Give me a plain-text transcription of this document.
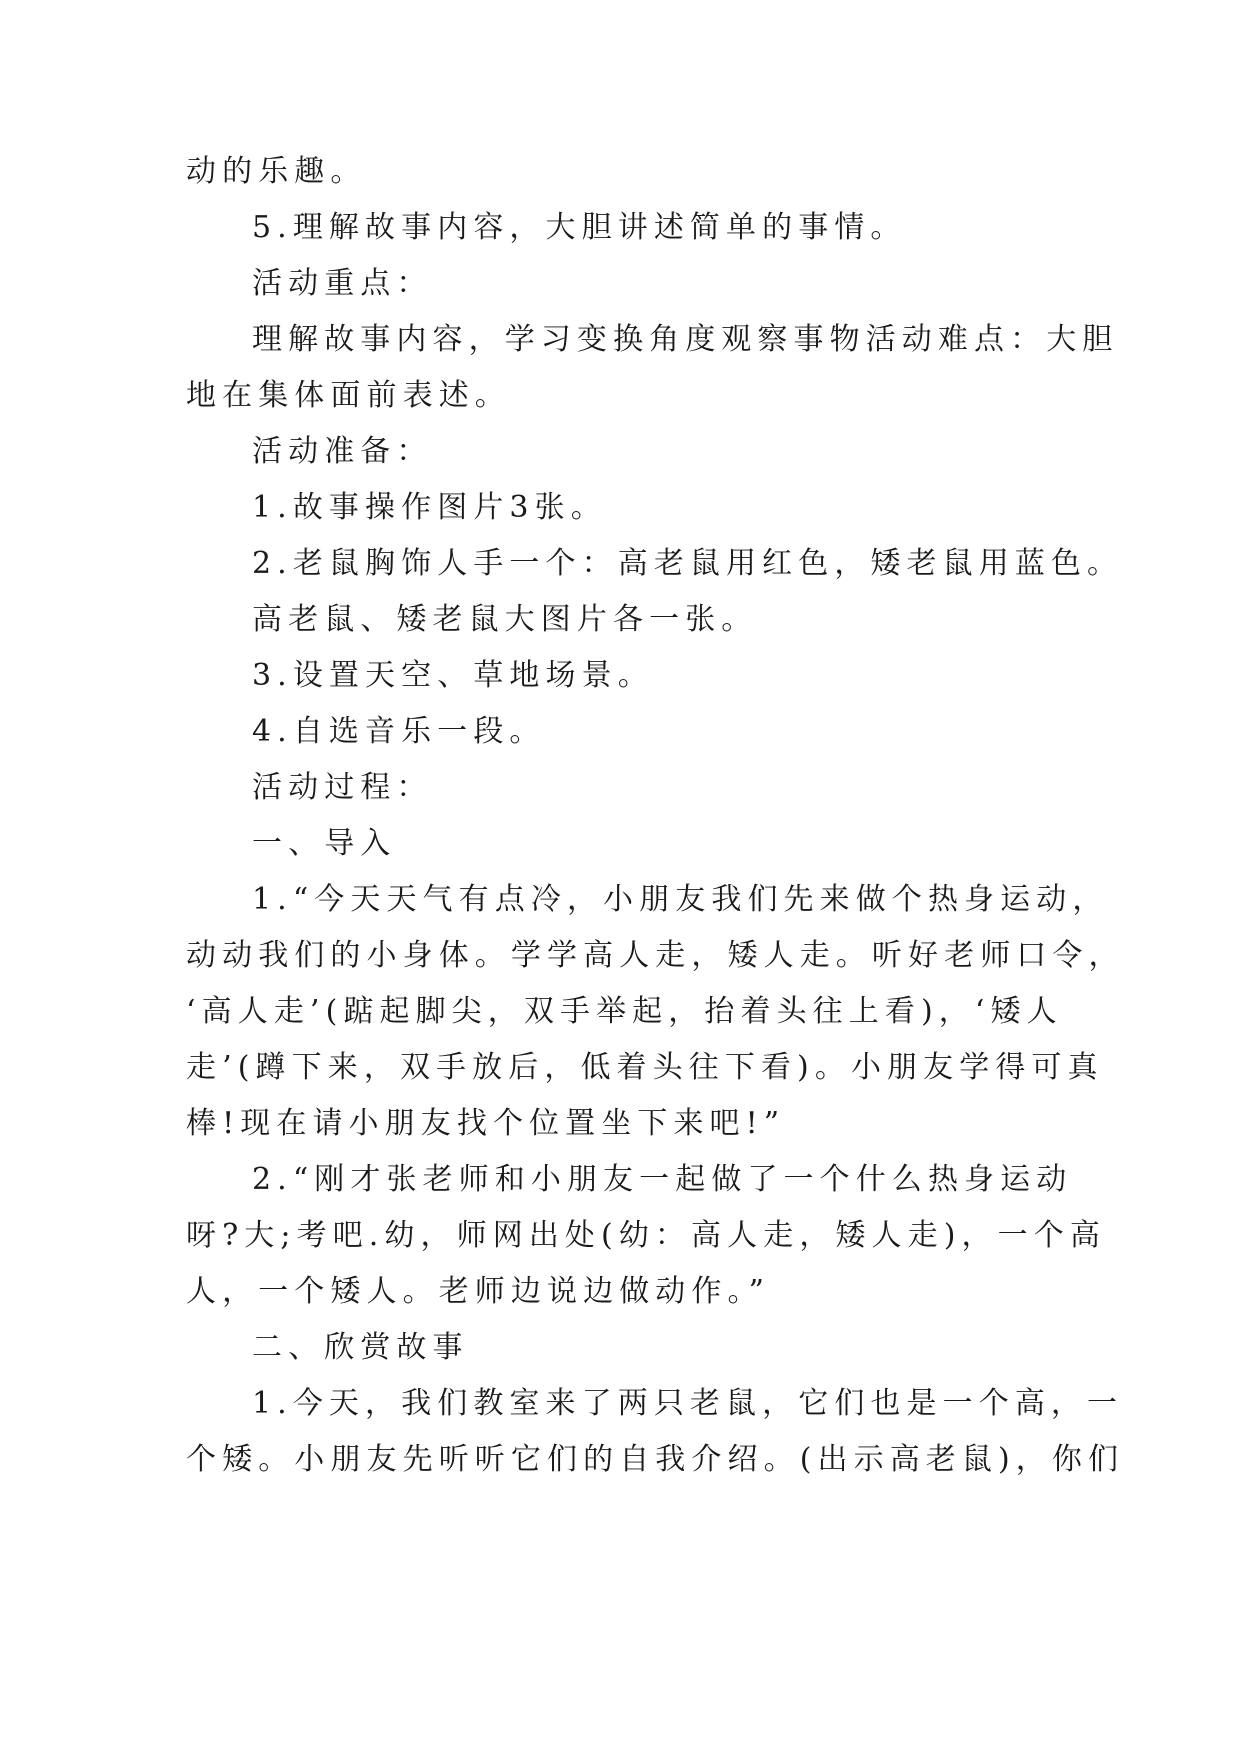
动的乐趣。
5.理解故事内容，大胆讲述简单的事情。
活动重点：
理解故事内容，学习变换角度观察事物活动难点：大胆
地在集体面前表述。
活动准备：
1.故事操作图片3张。
2.老鼠胸饰人手一个：高老鼠用红色，矮老鼠用蓝色。
高老鼠、矮老鼠大图片各一张。
3.设置天空、草地场景。
4.自选音乐一段。
活动过程：
一、导入
1.“今天天气有点冷，小朋友我们先来做个热身运动，
动动我们的小身体。学学高人走，矮人走。听好老师口令，
‘高人走’(踮起脚尖，双手举起，抬着头往上看)，‘矮人
走’(蹲下来，双手放后，低着头往下看)。小朋友学得可真
棒!现在请小朋友找个位置坐下来吧!”
2.“刚才张老师和小朋友一起做了一个什么热身运动
呀?大;考吧.幼，师网出处(幼：高人走，矮人走)，一个高
人，一个矮人。老师边说边做动作。”
二、欣赏故事
1.今天，我们教室来了两只老鼠，它们也是一个高，一
个矮。小朋友先听听它们的自我介绍。(出示高老鼠)，你们
